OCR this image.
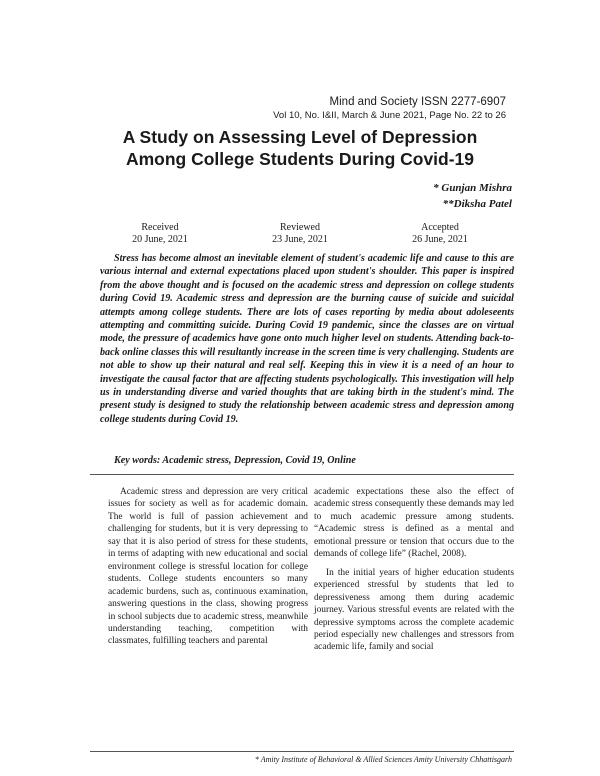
Mind and Society ISSN 2277-6907
Vol 10, No. I&II, March & June 2021, Page No. 22 to 26
A Study on Assessing Level of Depression
Among College Students During Covid-19
* Gunjan Mishra
**Diksha Patel
Received
20 June, 2021
Reviewed
23 June, 2021
Accepted
26 June, 2021

Stress has become almost an inevitable element of student's academic life and cause to this are various internal and external expectations placed upon student's shoulder. This paper is inspired from the above thought and is focused on the academic stress and depression on college students during Covid 19. Academic stress and depression are the burning cause of suicide and suicidal attempts among college students. There are lots of cases reporting by media about adoleseents attempting and committing suicide. During Covid 19 pandemic, since the classes are on virtual mode, the pressure of academics have gone onto much higher level on students. Attending back-to-back online classes this will resultantly increase in the screen time is very challenging. Students are not able to show up their natural and real self. Keeping this in view it is a need of an hour to investigate the causal factor that are affecting students psychologically. This investigation will help us in understanding diverse and varied thoughts that are taking birth in the student's mind. The present study is designed to study the relationship between academic stress and depression among college students during Covid 19.

Key words: Academic stress, Depression, Covid 19, Online

Academic stress and depression are very critical issues for society as well as for academic domain. The world is full of passion achievement and challenging for students, but it is very depressing to say that it is also period of stress for these students, in terms of adapting with new educational and social environment college is stressful location for college students. College students encounters so many academic burdens, such as, continuous examination, answering questions in the class, showing progress in school subjects due to academic stress, meanwhile understanding teaching, competition with classmates, fulfilling teachers and parental

academic expectations these also the effect of academic stress consequently these demands may led to much academic pressure among students. “Academic stress is defined as a mental and emotional pressure or tension that occurs due to the demands of college life” (Rachel, 2008).

In the initial years of higher education students experienced stressful by students that led to depressiveness among them during academic journey. Various stressful events are related with the depressive symptoms across the complete academic period especially new challenges and stressors from academic life, family and social

* Amity Institute of Behavioral & Allied Sciences Amity University Chhattisgarh
